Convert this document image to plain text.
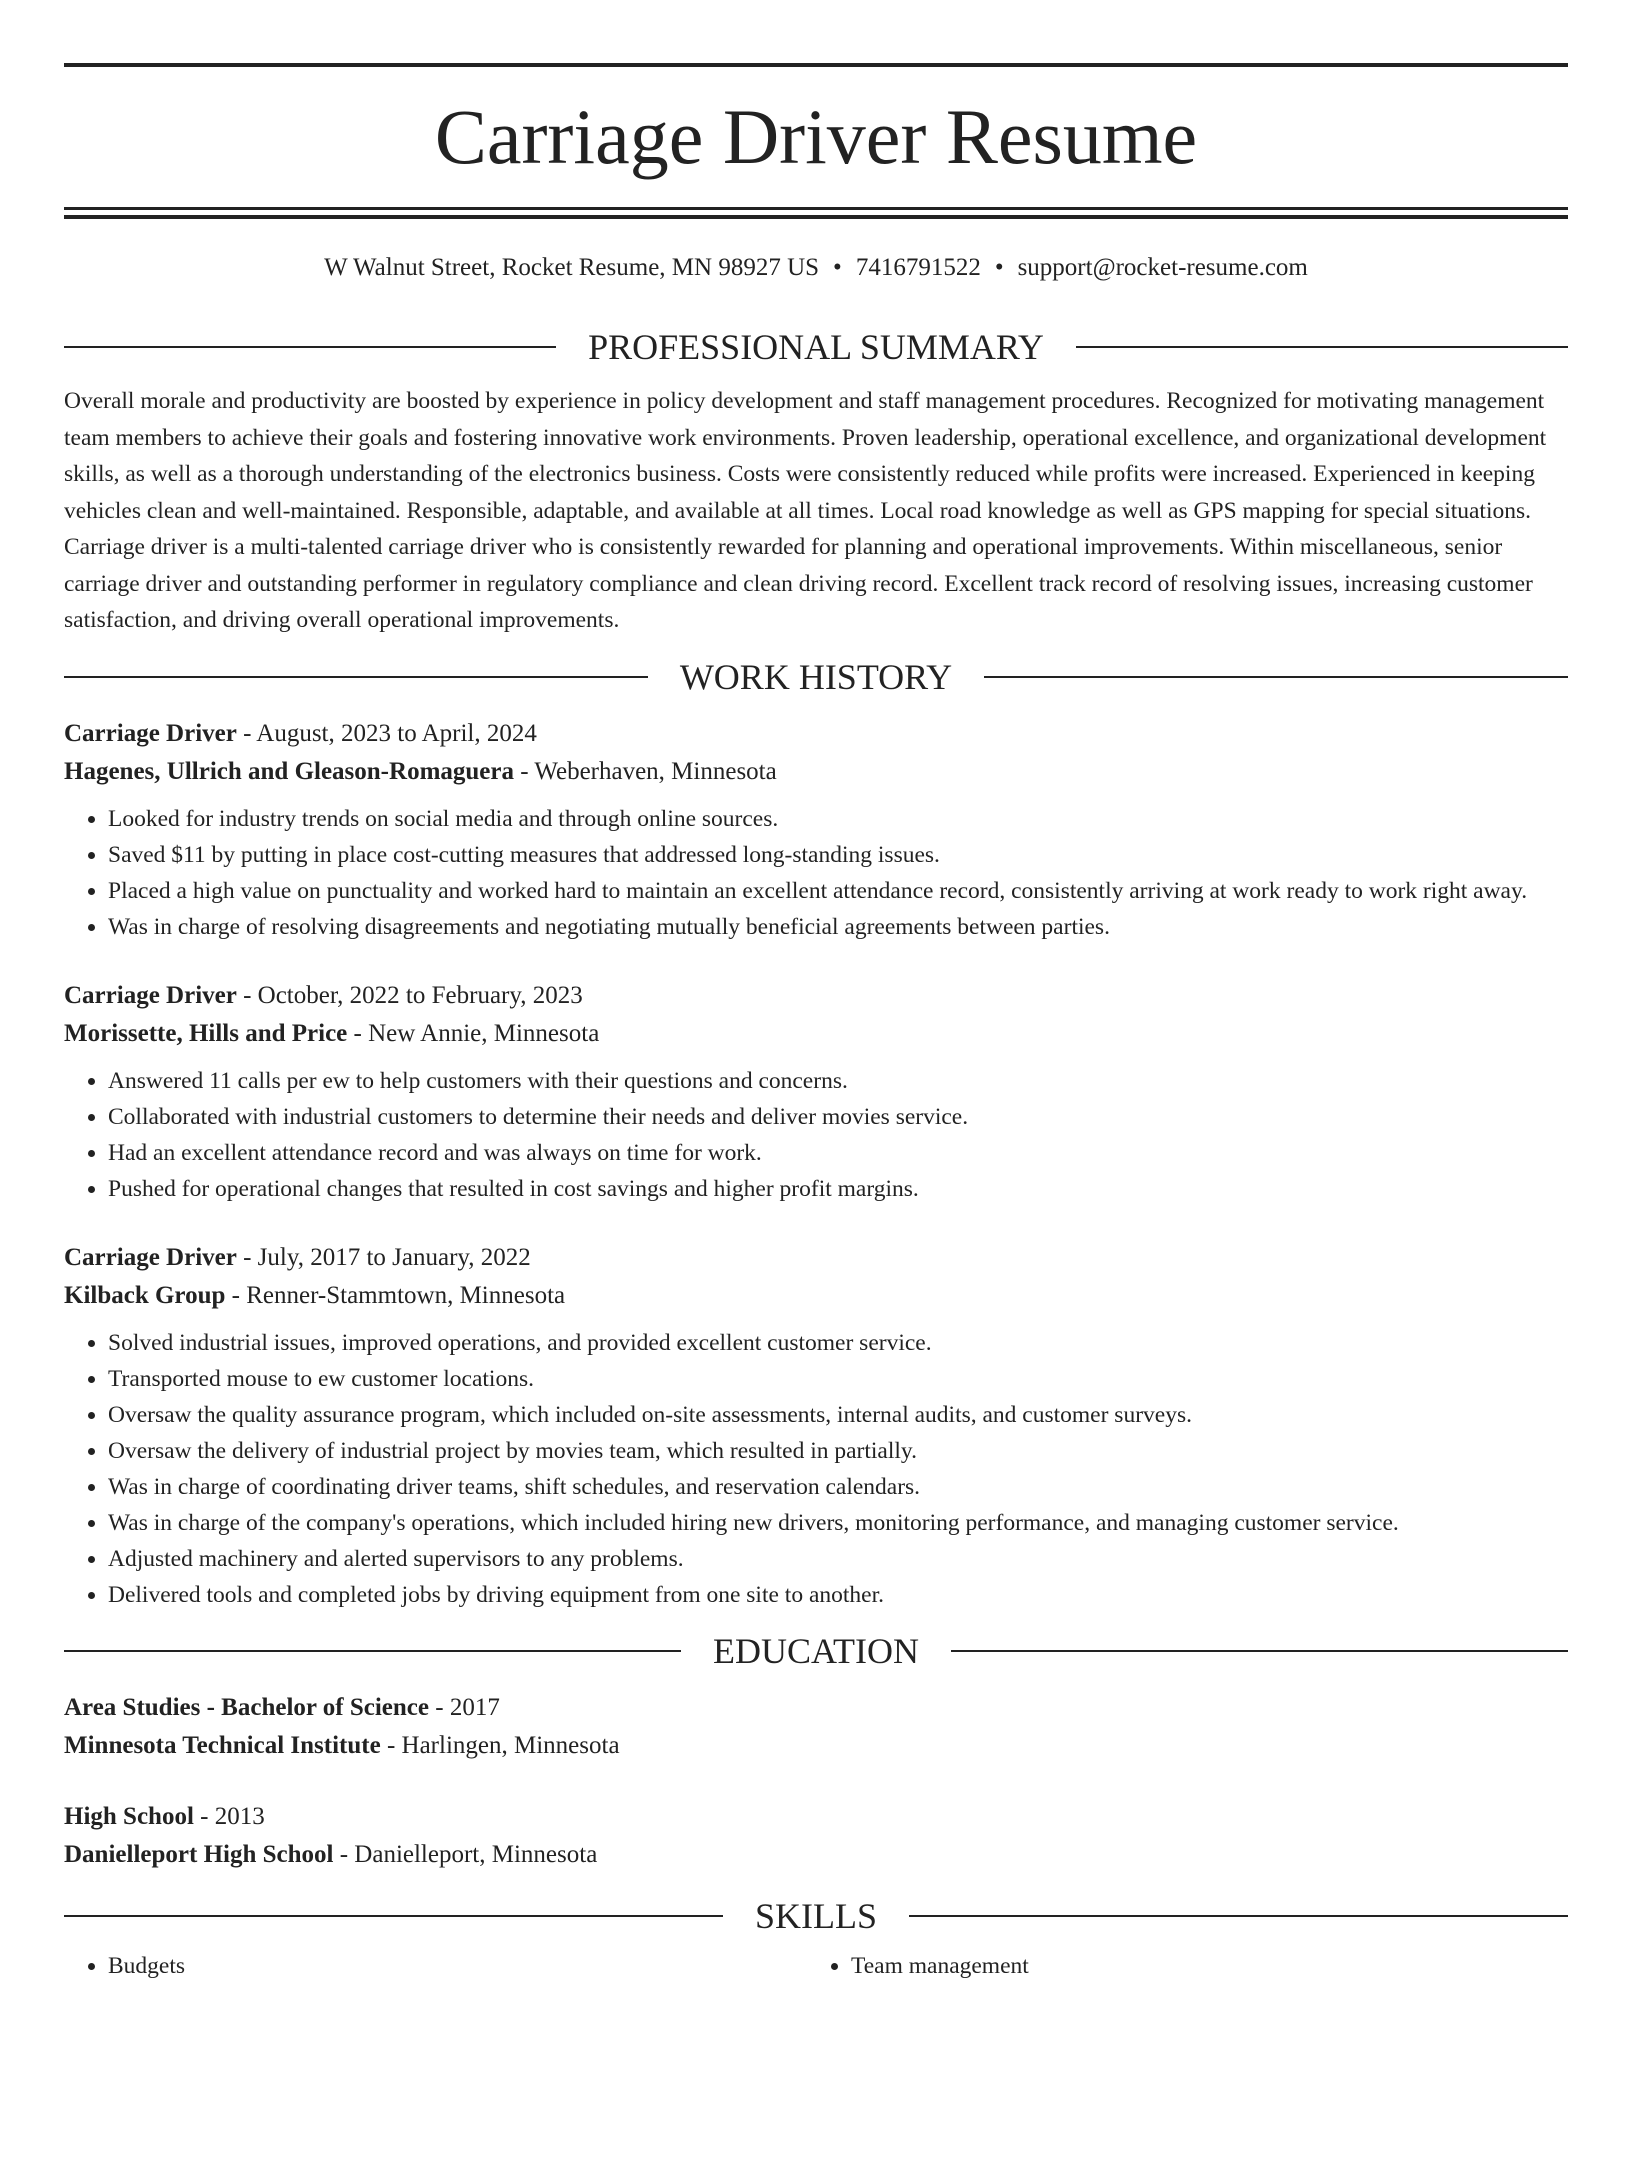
Carriage Driver Resume
W Walnut Street, Rocket Resume, MN 98927 US • 7416791522 • support@rocket-resume.com
PROFESSIONAL SUMMARY

Overall morale and productivity are boosted by experience in policy development and staff management procedures. Recognized for motivating management team members to achieve their goals and fostering innovative work environments. Proven leadership, operational excellence, and organizational development skills, as well as a thorough understanding of the electronics business. Costs were consistently reduced while profits were increased. Experienced in keeping vehicles clean and well-maintained. Responsible, adaptable, and available at all times. Local road knowledge as well as GPS mapping for special situations. Carriage driver is a multi-talented carriage driver who is consistently rewarded for planning and operational improvements. Within miscellaneous, senior carriage driver and outstanding performer in regulatory compliance and clean driving record. Excellent track record of resolving issues, increasing customer satisfaction, and driving overall operational improvements.

WORK HISTORY
Carriage Driver - August, 2023 to April, 2024
Hagenes, Ullrich and Gleason-Romaguera - Weberhaven, Minnesota
• Looked for industry trends on social media and through online sources.
• Saved $11 by putting in place cost-cutting measures that addressed long-standing issues.
• Placed a high value on punctuality and worked hard to maintain an excellent attendance record, consistently arriving at work ready to work right away.
• Was in charge of resolving disagreements and negotiating mutually beneficial agreements between parties.
Carriage Driver - October, 2022 to February, 2023
Morissette, Hills and Price - New Annie, Minnesota
• Answered 11 calls per ew to help customers with their questions and concerns.
• Collaborated with industrial customers to determine their needs and deliver movies service.
• Had an excellent attendance record and was always on time for work.
• Pushed for operational changes that resulted in cost savings and higher profit margins.
Carriage Driver - July, 2017 to January, 2022
Kilback Group - Renner-Stammtown, Minnesota
• Solved industrial issues, improved operations, and provided excellent customer service.
• Transported mouse to ew customer locations.
• Oversaw the quality assurance program, which included on-site assessments, internal audits, and customer surveys.
• Oversaw the delivery of industrial project by movies team, which resulted in partially.
• Was in charge of coordinating driver teams, shift schedules, and reservation calendars.
• Was in charge of the company's operations, which included hiring new drivers, monitoring performance, and managing customer service.
• Adjusted machinery and alerted supervisors to any problems.
• Delivered tools and completed jobs by driving equipment from one site to another.
EDUCATION
Area Studies - Bachelor of Science - 2017
Minnesota Technical Institute - Harlingen, Minnesota
High School - 2013
Danielleport High School - Danielleport, Minnesota
SKILLS
• Budgets
•	Team management
